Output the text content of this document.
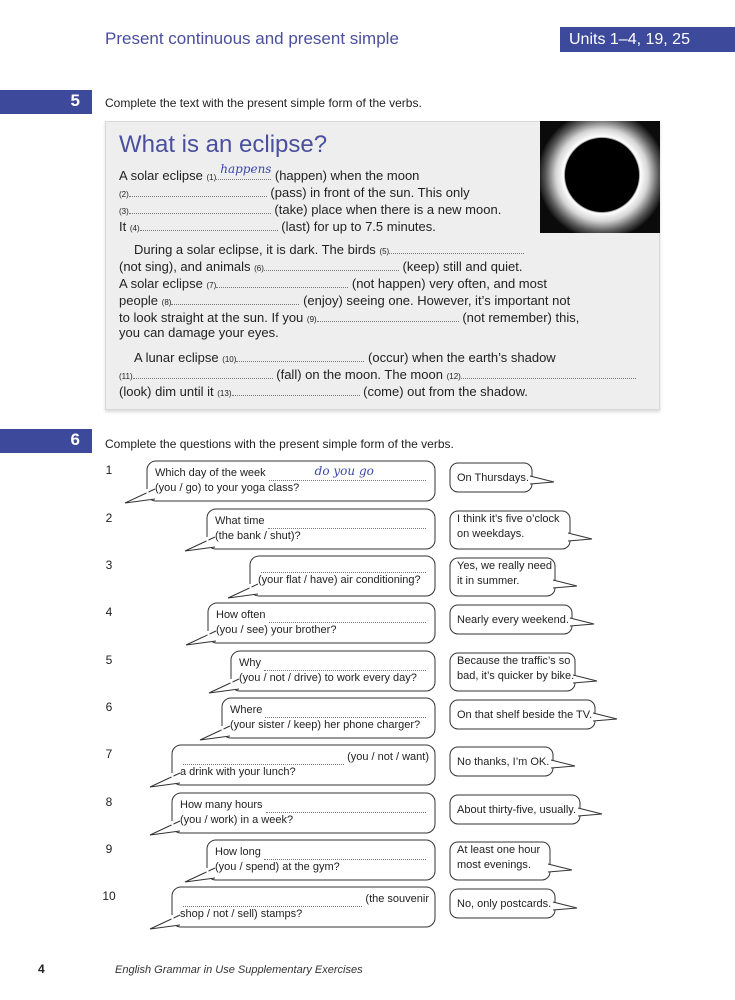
Present continuous and present simple	Units 1–4, 19, 25
5 Complete the text with the present simple form of the verbs.
What is an eclipse?
A solar eclipse (1)
happens (happen) when the moon
(2)	(pass) in front of the sun. This only
(3)	(take) place when there is a new moon.
It (4)	(last) for up to 7.5 minutes.
During a solar eclipse, it is dark. The birds (5)
(not sing), and animals (6)	(keep) still and quiet.
A solar eclipse (7)	(not happen) very often, and most
people (8)	(enjoy) seeing one. However, it’s important not
to look straight at the sun. If you (9)	(not remember) this,
you can damage your eyes.
A lunar eclipse (10)	(occur) when the earth’s shadow
(11)	(fall) on the moon. The moon (12)
(look) dim until it (13)	(come) out from the shadow.
6 Complete the questions with the present simple form of the verbs.
1	Which day of the week	do you go
(you / go) to your yoga class?
On Thursdays.
2	What time
(the bank / shut)?
I think it’s five o’clock
on weekdays.
3
(your flat / have) air conditioning?
Yes, we really need
it in summer.
4	How often
(you / see) your brother?
Nearly every weekend.
5	Why
(you / not / drive) to work every day?
Because the traffic’s so
bad, it’s quicker by bike.
6	Where
(your sister / keep) her phone charger?
On that shelf beside the TV.
7	(you / not / want)
a drink with your lunch?
No thanks, I’m OK.
8	How many hours
(you / work) in a week?
About thirty-five, usually.
9	How long
(you / spend) at the gym?
At least one hour
most evenings.
10	(the souvenir
shop / not / sell) stamps?
No, only postcards.
4	English Grammar in Use Supplementary Exercises
